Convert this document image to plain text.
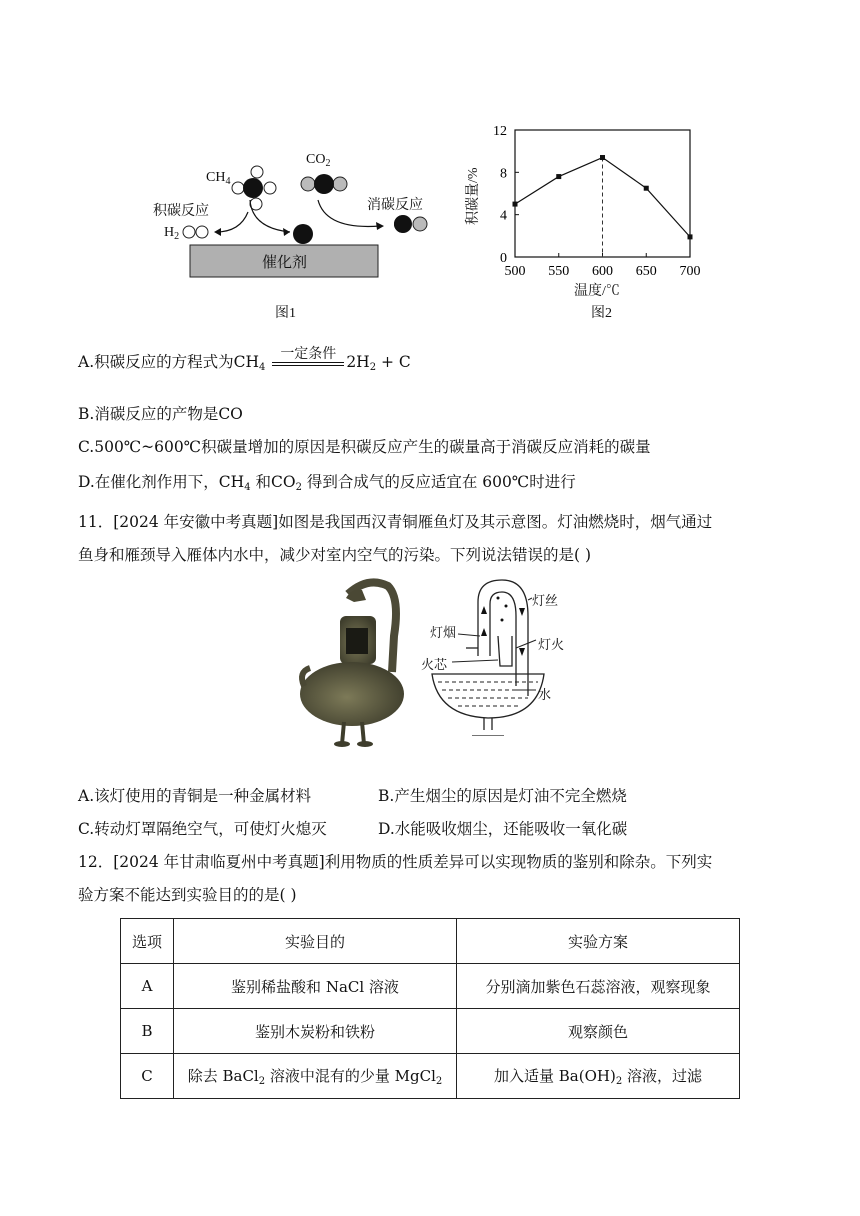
$CH_4$
$CO_2$
积碳反应	消碳反应
$H_2$
催化剂
图1
500 550 600 650 700
0
4
8
12
积碳量/%
温度/℃
图2
A.积碳反应的方程式为$CH_4$
一定条件 $2H_2 + C$
B.消碳反应的产物是CO
C.500℃~600℃积碳量增加的原因是积碳反应产生的碳量高于消碳反应消耗的碳量
D.在催化剂作用下，$CH_4$ 和$CO_2$ 得到合成气的反应适宜在 600℃时进行
11．[2024 年安徽中考真题]如图是我国西汉青铜雁鱼灯及其示意图。灯油燃烧时，烟气通过
鱼身和雁颈导入雁体内水中，减少对室内空气的污染。下列说法错误的是( )
灯丝
灯烟
灯火
火芯
水
A.该灯使用的青铜是一种金属材料	B.产生烟尘的原因是灯油不完全燃烧
C.转动灯罩隔绝空气，可使灯火熄灭	D.水能吸收烟尘，还能吸收一氧化碳
12．[2024 年甘肃临夏州中考真题]利用物质的性质差异可以实现物质的鉴别和除杂。下列实
验方案不能达到实验目的的是( )
选项	实验目的	实验方案
A	鉴别稀盐酸和 NaCl 溶液	分别滴加紫色石蕊溶液，观察现象
B	鉴别木炭粉和铁粉	观察颜色
C	除去 BaCl$_2$ 溶液中混有的少量 MgCl$_2$	加入适量 $Ba(OH)_2$ 溶液，过滤
